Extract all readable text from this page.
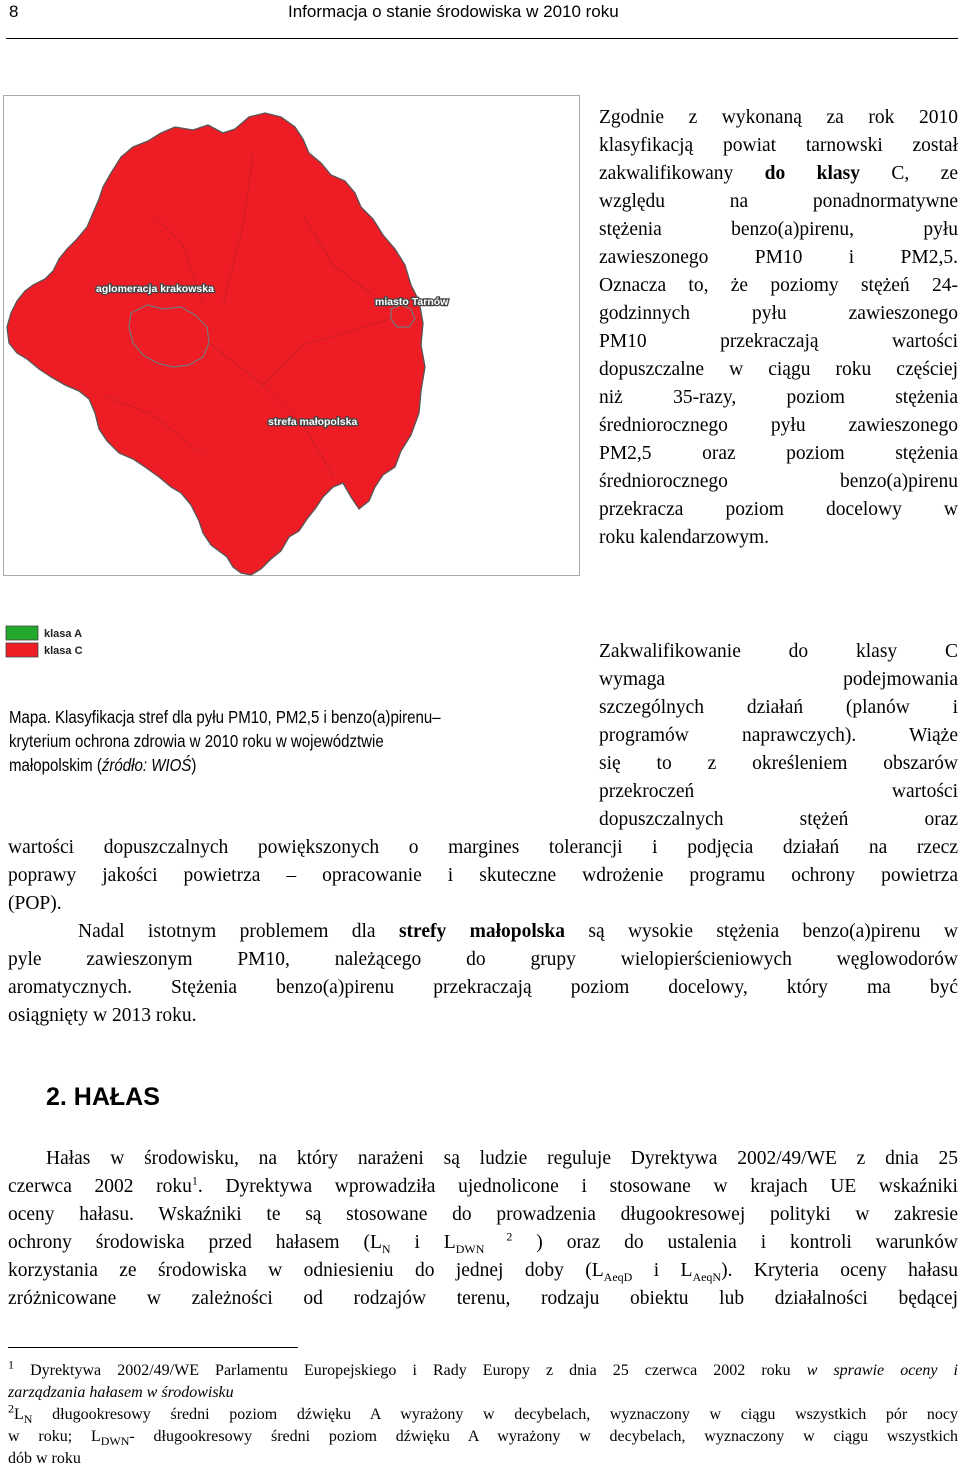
8	Informacja o stanie środowiska w 2010 roku
aglomeracja krakowska
miasto Tarnów
strefa małopolska
klasa A
klasa C
Mapa. Klasyfikacja stref dla pyłu PM10, PM2,5 i benzo(a)pirenu–
kryterium ochrona zdrowia w 2010 roku w województwie
małopolskim (źródło: WIOŚ)
Zgodnie z wykonaną za rok 2010
klasyfikacją powiat tarnowski został
zakwalifikowany do klasy C, ze
względu na ponadnormatywne
stężenia benzo(a)pirenu, pyłu
zawieszonego PM10 i PM2,5.
Oznacza to, że poziomy stężeń 24-
godzinnych pyłu zawieszonego
PM10 przekraczają wartości
dopuszczalne w ciągu roku częściej
niż 35-razy, poziom stężenia
średniorocznego pyłu zawieszonego
PM2,5 oraz poziom stężenia
średniorocznego benzo(a)pirenu
przekracza poziom docelowy w
roku kalendarzowym.
Zakwalifikowanie do klasy C
wymaga podejmowania
szczególnych działań (planów i
programów naprawczych). Wiąże
się to z określeniem obszarów
przekroczeń wartości
dopuszczalnych stężeń oraz
wartości dopuszczalnych powiększonych o margines tolerancji i podjęcia działań na rzecz
poprawy jakości powietrza – opracowanie i skuteczne wdrożenie programu ochrony powietrza
(POP).
Nadal istotnym problemem dla strefy małopolska są wysokie stężenia benzo(a)pirenu w
pyle zawieszonym PM10, należącego do grupy wielopierścieniowych węglowodorów
aromatycznych. Stężenia benzo(a)pirenu przekraczają poziom docelowy, który ma być
osiągnięty w 2013 roku.
2. HAŁAS
Hałas w środowisku, na który narażeni są ludzie reguluje Dyrektywa 2002/49/WE z dnia 25
czerwca 2002 roku$^1$. Dyrektywa wprowadziła ujednolicone i stosowane w krajach UE wskaźniki
oceny hałasu. Wskaźniki te są stosowane do prowadzenia długookresowej polityki w zakresie
ochrony środowiska przed hałasem ($L_N$ i $L_{DWN}$ $^2$ ) oraz do ustalenia i kontroli warunków
korzystania ze środowiska w odniesieniu do jednej doby ($L_{AeqD}$ i $L_{AeqN}$). Kryteria oceny hałasu
zróżnicowane w zależności od rodzajów terenu, rodzaju obiektu lub działalności będącej
$^1$ Dyrektywa 2002/49/WE Parlamentu Europejskiego i Rady Europy z dnia 25 czerwca 2002 roku w sprawie oceny i
zarządzania hałasem w środowisku
$^2L_N$ długookresowy średni poziom dźwięku A wyrażony w decybelach, wyznaczony w ciągu wszystkich pór nocy
w roku; $L_{DWN}-$ długookresowy średni poziom dźwięku A wyrażony w decybelach, wyznaczony w ciągu wszystkich
dób w roku
